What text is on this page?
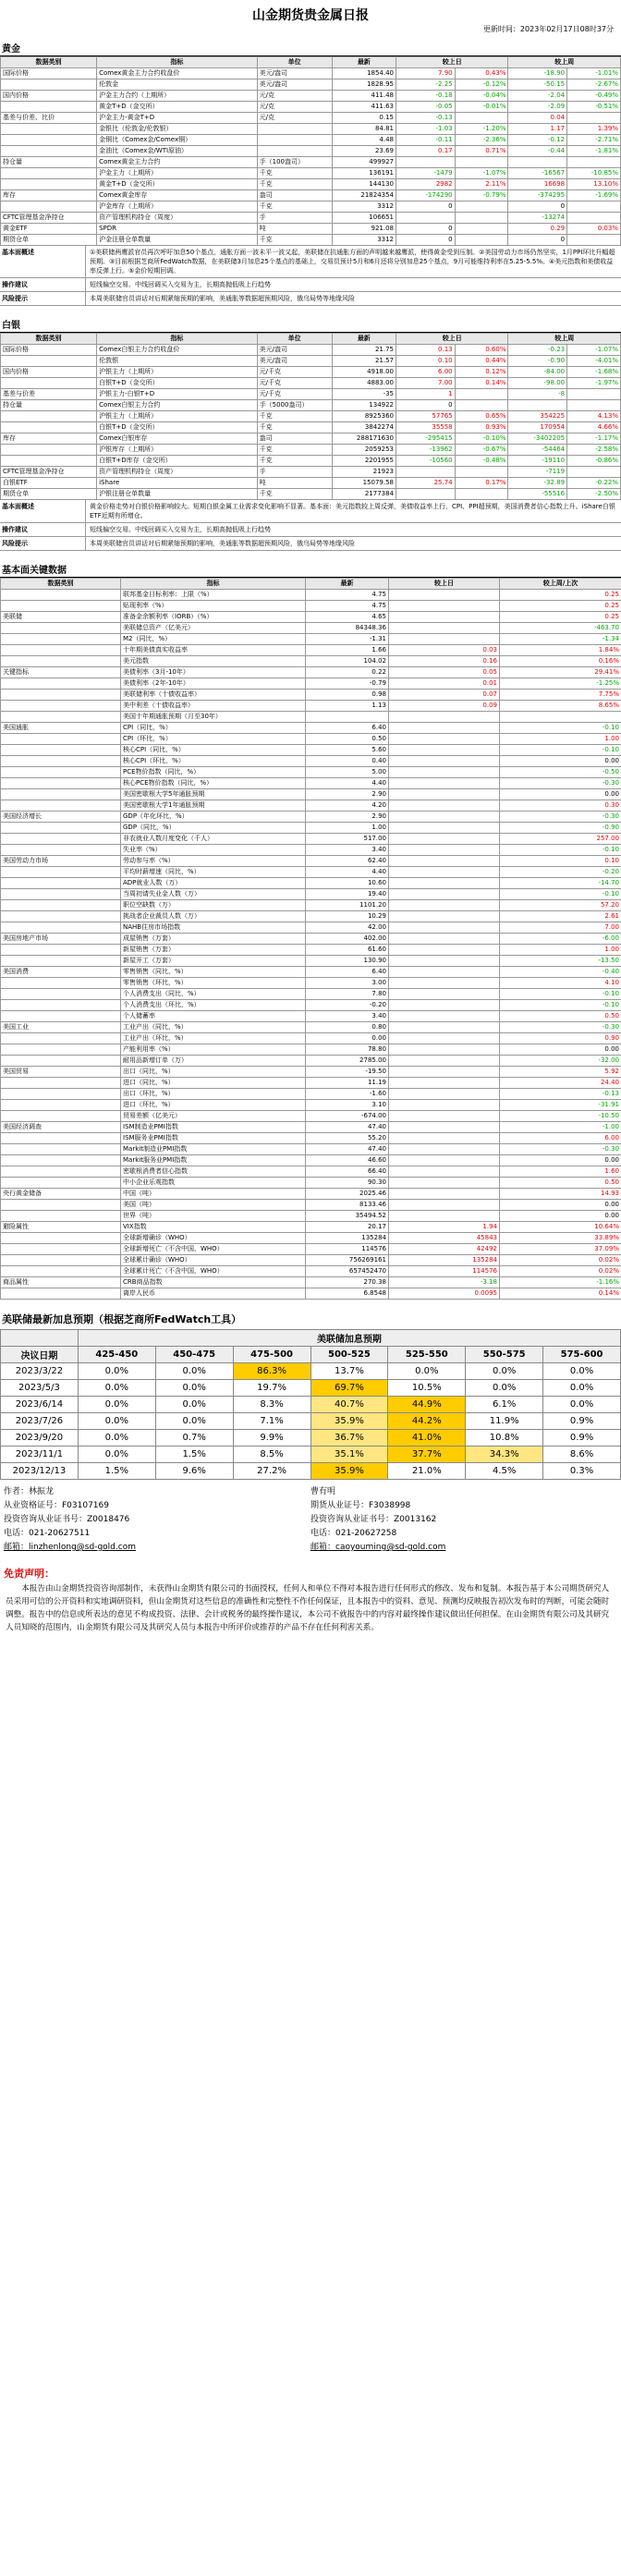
山金期货贵金属日报
更新时间：2023年02月17日08时37分
黄金
数据类别	指标	单位	最新	较上日		较上周	
国际价格	Comex黄金主力合约收盘价	美元/盎司	1854.40	7.90	0.43%	-18.90	-1.01%
	伦敦金	美元/盎司	1828.95	-2.25	-0.12%	-50.15	-2.67%
国内价格	沪金主力合约（上期所）	元/克	411.48	-0.18	-0.04%	-2.04	-0.49%
	黄金T+D（金交所）	元/克	411.63	-0.05	-0.01%	-2.09	-0.51%
基差与价差、比价	沪金主力-黄金T+D	元/克	0.15	-0.13		0.04	
	金银比（伦敦金/伦敦银）		84.81	-1.03	-1.20%	1.17	1.39%
	金铜比（Comex金/Comex铜）		4.48	-0.11	-2.36%	-0.12	-2.71%
	金油比（Comex金/WTI原油）		23.69	0.17	0.71%	-0.44	-1.81%
持仓量	Comex黄金主力合约	手（100盎司）	499927				
	沪金主力（上期所）	千克	136191	-1479	-1.07%	-16567	-10.85%
	黄金T+D（金交所）	千克	144130	2982	2.11%	16698	13.10%
库存	Comex黄金库存	盎司	21824354	-174290	-0.79%	-374295	-1.69%
	沪金库存（上期所）	千克	3312	0		0	
CFTC管理基金净持仓	资产管理机构持仓（周度）	手	106651			-13274	
黄金ETF	SPDR	吨	921.08	0		0.29	0.03%
期货仓单	沪金注册仓单数量	千克	3312	0		0	
基本面概述	①美联储两鹰派官员再次呼吁加息50个基点，通胀方面一波未平一波又起，美联储在抗通胀方面的声明越来越鹰派，使得黄金受到压制。②美国劳动力市场仍然坚实，1月PPI环比升幅超预期。③目前根据芝商所FedWatch数据，在美联储3月加息25个基点的基础上，交易员预计5月和6月还将分别加息25个基点，9月可能维持利率在5.25-5.5%。④美元指数和美债收益率反弹上行。⑤金价短期回调。
操作建议	短线偏空交易。中线回调买入交易为主，长期高抛低吸上行趋势
风险提示	本周美联储官员讲话对后期紧缩预期的影响，美通胀等数据超预期风险，俄乌局势等地缘风险
白银
数据类别	指标	单位	最新	较上日		较上周	
国际价格	Comex白银主力合约收盘价	美元/盎司	21.75	0.13	0.60%	-0.23	-1.07%
	伦敦银	美元/盎司	21.57	0.10	0.44%	-0.90	-4.01%
国内价格	沪银主力（上期所）	元/千克	4918.00	6.00	0.12%	-84.00	-1.68%
	白银T+D（金交所）	元/千克	4883.00	7.00	0.14%	-98.00	-1.97%
基差与价差	沪银主力-白银T+D	元/千克	-35	1		-8	
持仓量	Comex白银主力合约	手（5000盎司）	134922	0			
	沪银主力（上期所）	千克	8925360	57765	0.65%	354225	4.13%
	白银T+D（金交所）	千克	3842274	35558	0.93%	170954	4.66%
库存	Comex白银库存	盎司	288171630	-295415	-0.10%	-3402205	-1.17%
	沪银库存（上期所）	千克	2059253	-13962	-0.67%	-54464	-2.58%
	白银T+D库存（金交所）	千克	2201955	-10560	-0.48%	-19110	-0.86%
CFTC管理基金净持仓	资产管理机构持仓（周度）	手	21923			-7119	
白银ETF	iShare	吨	15079.58	25.74	0.17%	-32.89	-0.22%
期货仓单	沪银注册仓单数量	千克	2177384			-55516	-2.50%
基本面概述	黄金价格走势对白银价格影响较大。短期白银金属工业需求变化影响不显著。基本面：美元指数较上周反弹，美债收益率上行，CPI、PPI超预期，美国消费者信心指数上升。iShare白银ETF近期有所增仓。
操作建议	短线偏空交易。中线回调买入交易为主，长期高抛低吸上行趋势
风险提示	本周美联储官员讲话对后期紧缩预期的影响，美通胀等数据超预期风险，俄乌局势等地缘风险
基本面关键数据
数据类别	指标	最新	较上日	较上周/上次
	联邦基金目标利率：上限（%）	4.75		0.25
	贴现利率（%）	4.75		0.25
美联储	准备金余额利率（IORB）（%）	4.65		0.25
	美联储总资产（亿美元）	84348.36		-463.70
	M2（同比，%）	-1.31		-1.34
	十年期美债真实收益率	1.66	0.03	1.84%
	美元指数	104.02	0.16	0.16%
关键指标	美债利率（3月-10年）	0.22	0.05	29.41%
	美债利率（2年-10年）	-0.79	0.01	-1.25%
	美联储利率（十债收益率）	0.98	0.07	7.75%
	美中利差（十债收益率）	1.13	0.09	8.65%
	美国十年期通胀预期（月至30年）			
美国通胀	CPI（同比，%）	6.40		-0.10
	CPI（环比，%）	0.50		1.00
	核心CPI（同比，%）	5.60		-0.10
	核心CPI（环比，%）	0.40		0.00
	PCE物价指数（同比，%）	5.00		-0.50
	核心PCE物价指数（同比，%）	4.40		-0.30
	美国密歇根大学5年通胀预期	2.90		0.00
	美国密歇根大学1年通胀预期	4.20		0.30
美国经济增长	GDP（年化环比，%）	2.90		-0.30
	GDP（同比，%）	1.00		-0.90
	非农就业人数月度变化（千人）	517.00		257.00
	失业率（%）	3.40		-0.10
美国劳动力市场	劳动参与率（%）	62.40		0.10
	平均时薪增速（同比，%）	4.40		-0.20
	ADP就业人数（万）	10.60		-14.70
	当周初请失业金人数（万）	19.40		-0.10
	职位空缺数（万）	1101.20		57.20
	挑战者企业裁员人数（万）	10.29		2.61
	NAHB住房市场指数	42.00		7.00
美国房地产市场	成屋销售（万套）	402.00		-6.00
	新屋销售（万套）	61.60		1.00
	新屋开工（万套）	130.90		-13.50
美国消费	零售销售（同比，%）	6.40		-0.40
	零售销售（环比，%）	3.00		4.10
	个人消费支出（同比，%）	7.80		-0.10
	个人消费支出（环比，%）	-0.20		-0.10
	个人储蓄率	3.40		0.50
美国工业	工业产出（同比，%）	0.80		-0.30
	工业产出（环比，%）	0.00		0.90
	产能利用率（%）	78.80		0.00
	耐用品新增订单（万）	2785.00		-32.00
美国贸易	出口（同比，%）	-19.50		5.92
	进口（同比，%）	11.19		24.40
	出口（环比，%）	-1.60		-0.13
	进口（环比，%）	3.10		-31.91
	贸易差额（亿美元）	-674.00		-10.50
美国经济调查	ISM制造业PMI指数	47.40		-1.00
	ISM服务业PMI指数	55.20		6.00
	Markit制造业PMI指数	47.40		-0.30
	Markit服务业PMI指数	46.60		0.00
	密歇根消费者信心指数	66.40		1.60
	中小企业乐观指数	90.30		0.50
央行黄金储备	中国（吨）	2025.46		14.93
	美国（吨）	8133.46		0.00
	世界（吨）	35494.52		0.00
避险属性	VIX指数	20.17	1.94	10.64%
	全球新增确诊（WHO）	135284	45843	33.89%
	全球新增死亡（不含中国，WHO）	114576	42492	37.09%
	全球累计确诊（WHO）	756269161	135284	0.02%
	全球累计死亡（不含中国，WHO）	657452470	114576	0.02%
商品属性	CRB商品指数	270.38	-3.18	-1.16%
	离岸人民币	6.8548	0.0095	0.14%
美联储最新加息预期（根据芝商所FedWatch工具）
	美联储加息预期						
决议日期	425-450	450-475	475-500	500-525	525-550	550-575	575-600
2023/3/22	0.0%	0.0%	86.3%	13.7%	0.0%	0.0%	0.0%
2023/5/3	0.0%	0.0%	19.7%	69.7%	10.5%	0.0%	0.0%
2023/6/14	0.0%	0.0%	8.3%	40.7%	44.9%	6.1%	0.0%
2023/7/26	0.0%	0.0%	7.1%	35.9%	44.2%	11.9%	0.9%
2023/9/20	0.0%	0.7%	9.9%	36.7%	41.0%	10.8%	0.9%
2023/11/1	0.0%	1.5%	8.5%	35.1%	37.7%	34.3%	8.6%
2023/12/13	1.5%	9.6%	27.2%	35.9%	21.0%	4.5%	0.3%
作者：林振龙
从业资格证号：F03107169
投资咨询从业证书号：Z0018476
电话：021-20627511
邮箱：linzhenlong@sd-gold.com
曹有明
期货从业证号：F3038998
投资咨询从业证书号：Z0013162
电话：021-20627258
邮箱：caoyouming@sd-gold.com
免责声明：
本报告由山金期货投资咨询部制作，未获得山金期货有限公司的书面授权，任何人和单位不得对本报告进行任何形式的修改、发布和复制。本报告基于本公司期货研究人员采用可信的公开资料和实地调研资料，但山金期货对这些信息的准确性和完整性不作任何保证，且本报告中的资料、意见、预测均反映报告初次发布时的判断，可能会随时调整。报告中的信息或所表达的意见不构成投资、法律、会计或税务的最终操作建议，本公司不就报告中的内容对最终操作建议做出任何担保。在山金期货有限公司及其研究人员知晓的范围内，山金期货有限公司及其研究人员与本报告中所评价或推荐的产品不存在任何利害关系。
